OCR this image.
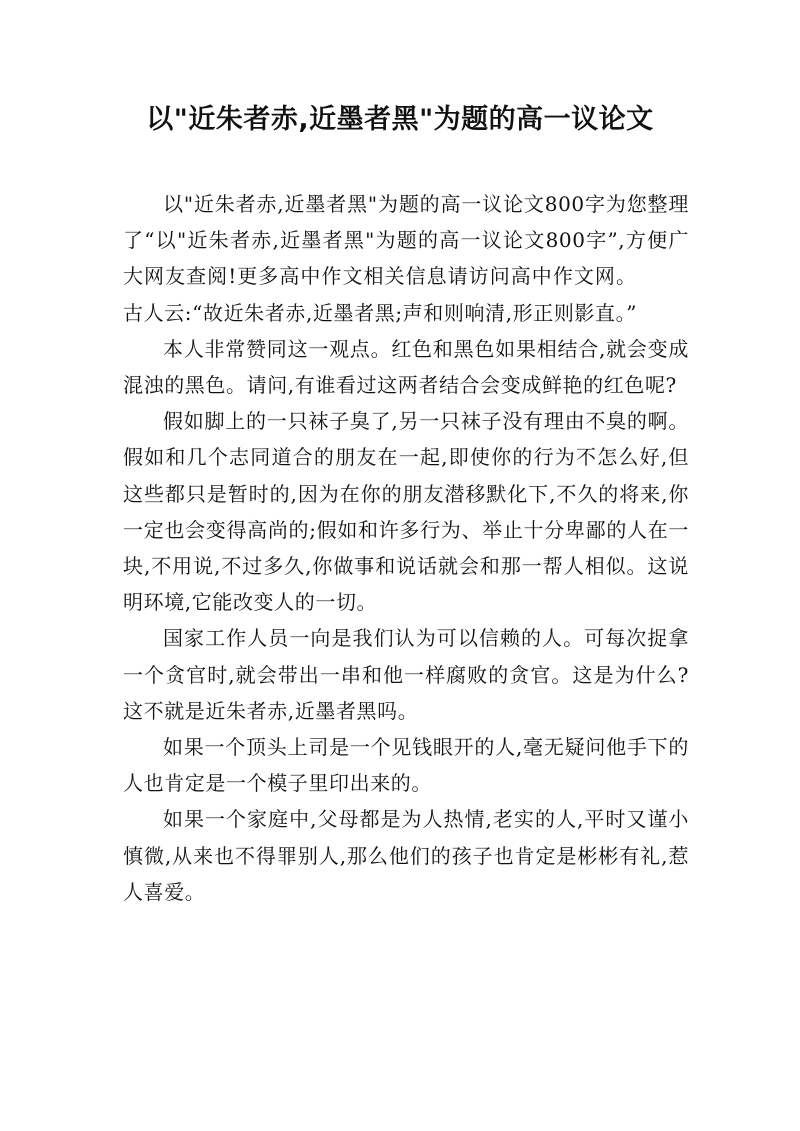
以"近朱者赤,近墨者黑"为题的高一议论文

以"近朱者赤,近墨者黑"为题的高一议论文800字为您整理了“以"近朱者赤,近墨者黑"为题的高一议论文800字”,方便广大网友查阅!更多高中作文相关信息请访问高中作文网。古人云:“故近朱者赤,近墨者黑;声和则响清,形正则影直。”

本人非常赞同这一观点。红色和黑色如果相结合,就会变成混浊的黑色。请问,有谁看过这两者结合会变成鲜艳的红色呢?

假如脚上的一只袜子臭了,另一只袜子没有理由不臭的啊。假如和几个志同道合的朋友在一起,即使你的行为不怎么好,但这些都只是暂时的,因为在你的朋友潜移默化下,不久的将来,你一定也会变得高尚的;假如和许多行为、举止十分卑鄙的人在一块,不用说,不过多久,你做事和说话就会和那一帮人相似。这说明环境,它能改变人的一切。

国家工作人员一向是我们认为可以信赖的人。可每次捉拿一个贪官时,就会带出一串和他一样腐败的贪官。这是为什么?这不就是近朱者赤,近墨者黑吗。

如果一个顶头上司是一个见钱眼开的人,毫无疑问他手下的人也肯定是一个模子里印出来的。

如果一个家庭中,父母都是为人热情,老实的人,平时又谨小慎微,从来也不得罪别人,那么他们的孩子也肯定是彬彬有礼,惹人喜爱。
